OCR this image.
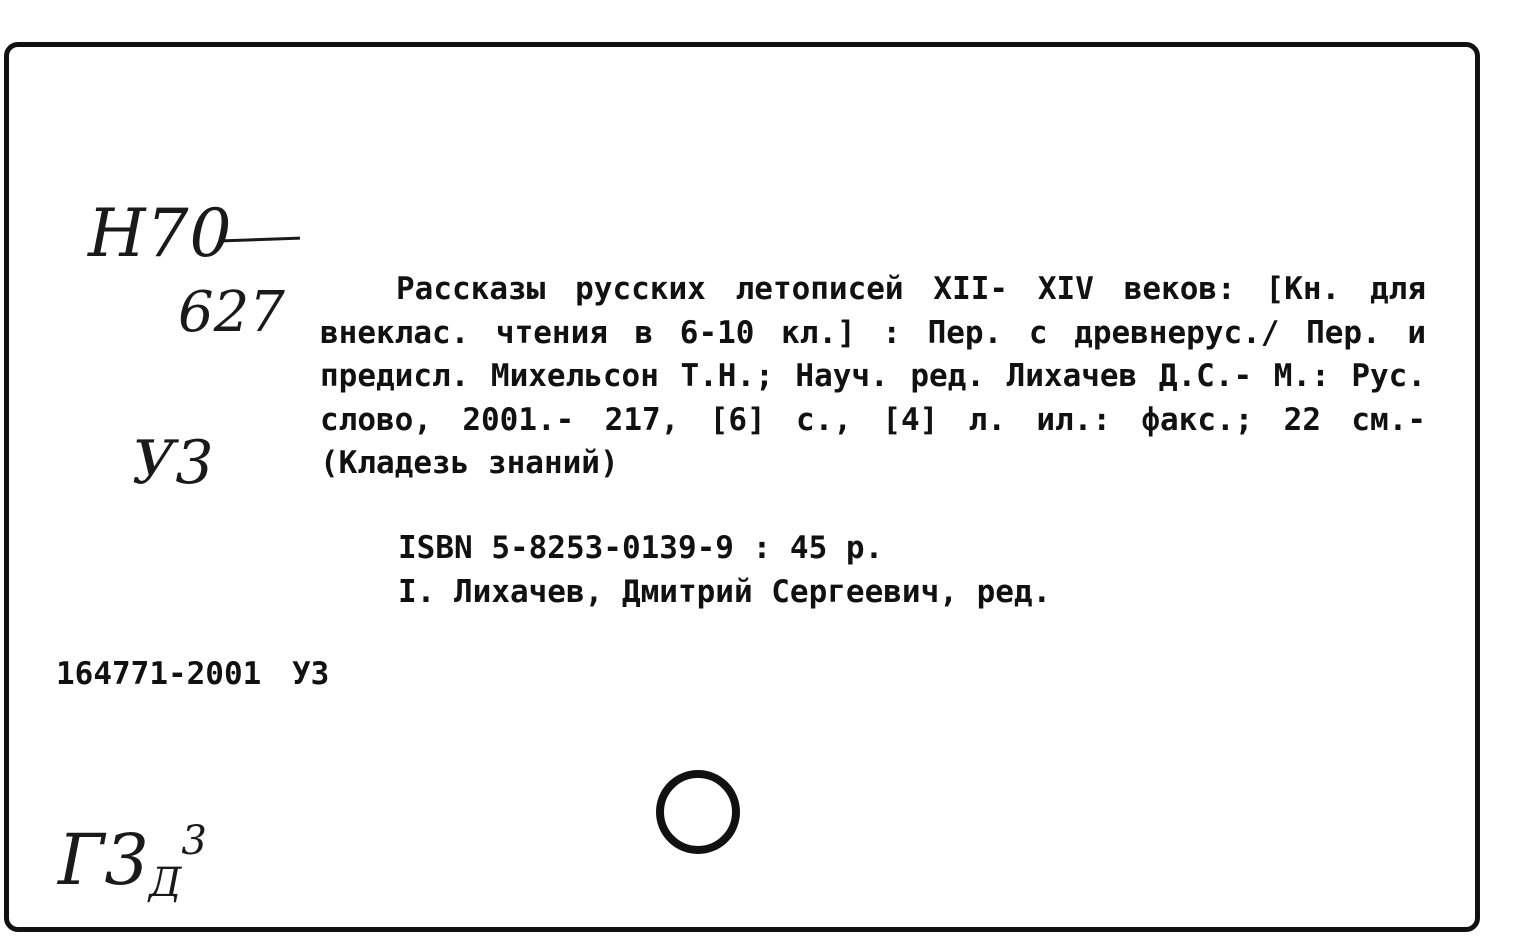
Н70
627
У3

Рассказы русских летописей XII- XIV веков: [Кн. для внеклас. чтения в 6-10 кл.] : Пер. с древнерус./ Пер. и предисл. Михельсон Т.Н.; Науч. ред. Лихачев Д.С.- М.: Рус. слово, 2001.- 217, [6] с., [4] л. ил.: факс.; 22 см.- (Кладезь знаний)

ISBN 5-8253-0139-9 : 45 р.
I. Лихачев, Дмитрий Сергеевич, ред.
164771-2001 У3
$Г3_Д^3$
